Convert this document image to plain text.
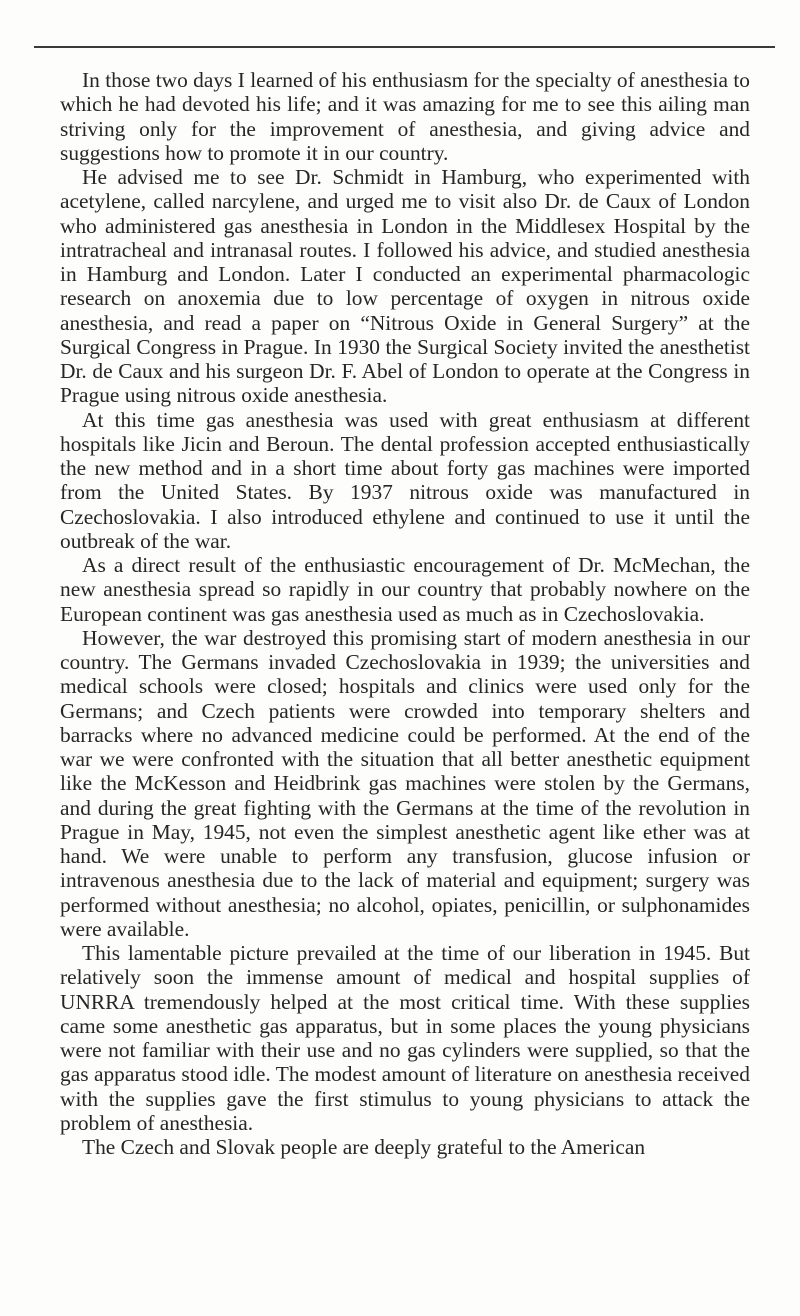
In those two days I learned of his enthusiasm for the specialty of anesthesia to which he had devoted his life; and it was amazing for me to see this ailing man striving only for the improvement of anesthesia, and giving advice and suggestions how to promote it in our country.

He advised me to see Dr. Schmidt in Hamburg, who experimented with acetylene, called narcylene, and urged me to visit also Dr. de Caux of London who administered gas anesthesia in London in the Middlesex Hospital by the intratracheal and intranasal routes. I followed his advice, and studied anesthesia in Hamburg and London. Later I conducted an experimental pharmacologic research on anoxemia due to low percentage of oxygen in nitrous oxide anesthesia, and read a paper on “Nitrous Oxide in General Surgery” at the Surgical Congress in Prague. In 1930 the Surgical Society invited the anesthetist Dr. de Caux and his surgeon Dr. F. Abel of London to operate at the Congress in Prague using nitrous oxide anesthesia.

At this time gas anesthesia was used with great enthusiasm at different hospitals like Jicin and Beroun. The dental profession accepted enthusiastically the new method and in a short time about forty gas machines were imported from the United States. By 1937 nitrous oxide was manufactured in Czechoslovakia. I also introduced ethylene and continued to use it until the outbreak of the war.

As a direct result of the enthusiastic encouragement of Dr. McMechan, the new anesthesia spread so rapidly in our country that probably nowhere on the European continent was gas anesthesia used as much as in Czechoslovakia.

However, the war destroyed this promising start of modern anesthesia in our country. The Germans invaded Czechoslovakia in 1939; the universities and medical schools were closed; hospitals and clinics were used only for the Germans; and Czech patients were crowded into temporary shelters and barracks where no advanced medicine could be performed. At the end of the war we were confronted with the situation that all better anesthetic equipment like the McKesson and Heidbrink gas machines were stolen by the Germans, and during the great fighting with the Germans at the time of the revolution in Prague in May, 1945, not even the simplest anesthetic agent like ether was at hand. We were unable to perform any transfusion, glucose infusion or intravenous anesthesia due to the lack of material and equipment; surgery was performed without anesthesia; no alcohol, opiates, penicillin, or sulphonamides were available.

This lamentable picture prevailed at the time of our liberation in 1945. But relatively soon the immense amount of medical and hospital supplies of UNRRA tremendously helped at the most critical time. With these supplies came some anesthetic gas apparatus, but in some places the young physicians were not familiar with their use and no gas cylinders were supplied, so that the gas apparatus stood idle. The modest amount of literature on anesthesia received with the supplies gave the first stimulus to young physicians to attack the problem of anesthesia.

The Czech and Slovak people are deeply grateful to the American
